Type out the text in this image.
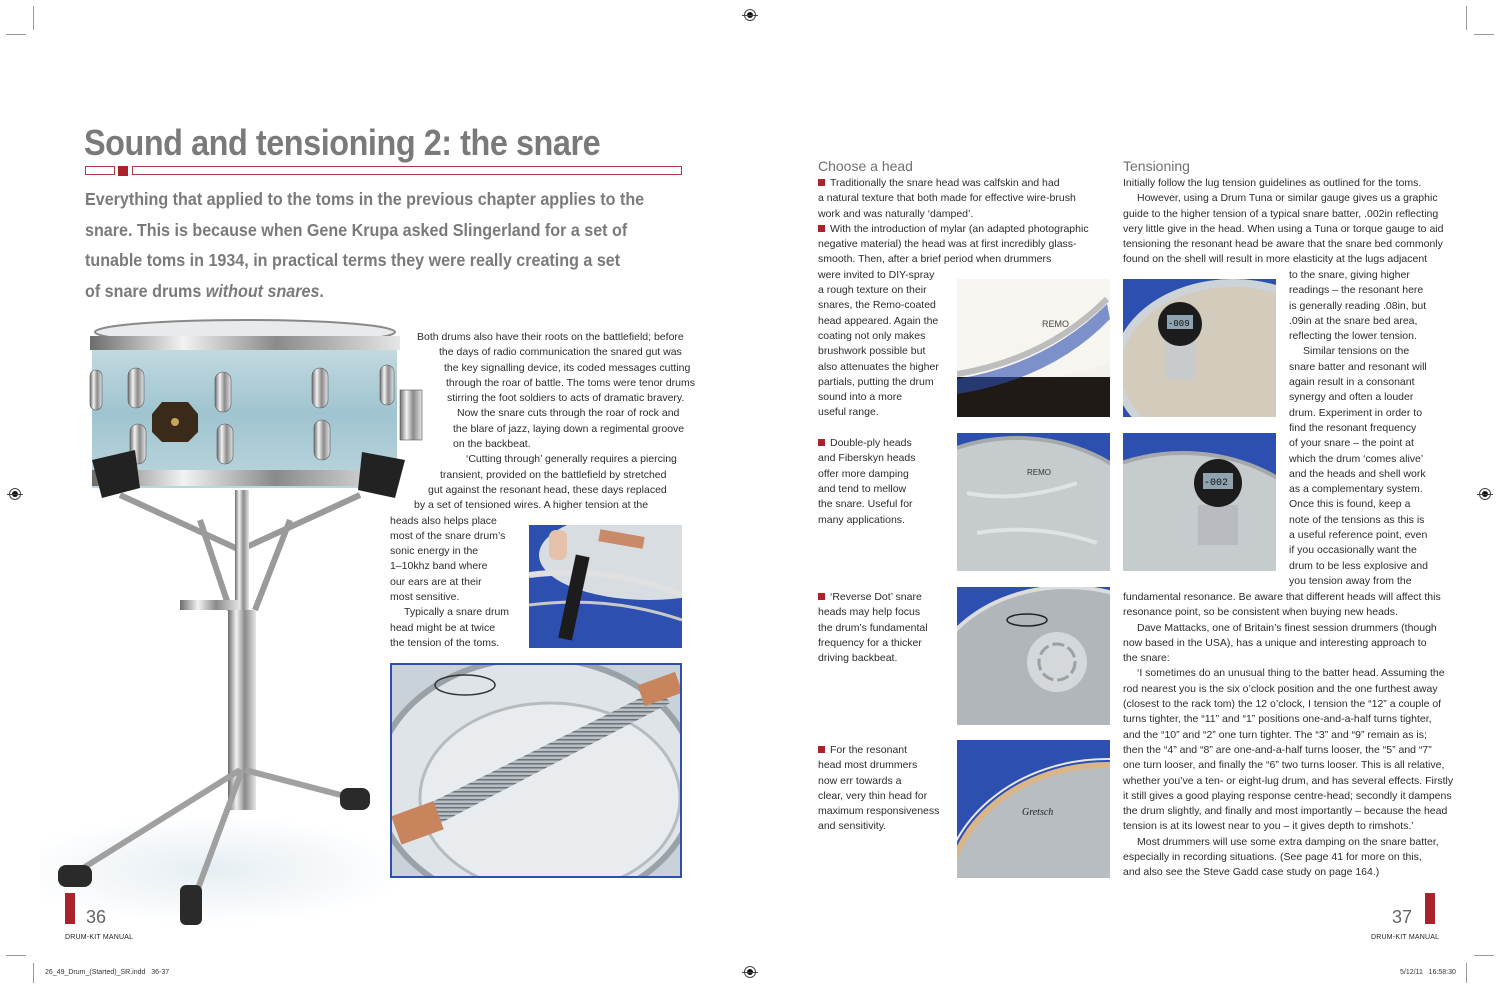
Sound and tensioning 2: the snare

Everything that applied to the toms in the previous chapter applies to the

snare. This is because when Gene Krupa asked Slingerland for a set of

tunable toms in 1934, in practical terms they were really creating a set

of snare drums without snares.

Both drums also have their roots on the battlefield; before

the days of radio communication the snared gut was

the key signalling device, its coded messages cutting

through the roar of battle. The toms were tenor drums

stirring the foot soldiers to acts of dramatic bravery.

Now the snare cuts through the roar of rock and

the blare of jazz, laying down a regimental groove

on the backbeat.

‘Cutting through’ generally requires a piercing

transient, provided on the battlefield by stretched

gut against the resonant head, these days replaced

by a set of tensioned wires. A higher tension at the

heads also helps place

most of the snare drum’s

sonic energy in the

1–10khz band where

our ears are at their

most sensitive.

Typically a snare drum

head might be at twice

the tension of the toms.

36
DRUM-KIT MANUAL
26_49_Drum_(Started)_SR.indd   36-37
Choose a head

Traditionally the snare head was calfskin and had

a natural texture that both made for effective wire-brush

work and was naturally ‘damped’.

With the introduction of mylar (an adapted photographic

negative material) the head was at first incredibly glass-

smooth. Then, after a brief period when drummers

were invited to DIY-spray

a rough texture on their

snares, the Remo-coated

head appeared. Again the

coating not only makes

brushwork possible but

also attenuates the higher

partials, putting the drum

sound into a more

useful range.

Double-ply heads

and Fiberskyn heads

offer more damping

and tend to mellow

the snare. Useful for

many applications.

‘Reverse Dot’ snare

heads may help focus

the drum’s fundamental

frequency for a thicker

driving backbeat.

For the resonant

head most drummers

now err towards a

clear, very thin head for

maximum responsiveness

and sensitivity.

REMO	-009
REMO
-002
Gretsch
Tensioning

Initially follow the lug tension guidelines as outlined for the toms.

However, using a Drum Tuna or similar gauge gives us a graphic

guide to the higher tension of a typical snare batter, .002in reflecting

very little give in the head. When using a Tuna or torque gauge to aid

tensioning the resonant head be aware that the snare bed commonly

found on the shell will result in more elasticity at the lugs adjacent

to the snare, giving higher

readings – the resonant here

is generally reading .08in, but

.09in at the snare bed area,

reflecting the lower tension.

Similar tensions on the

snare batter and resonant will

again result in a consonant

synergy and often a louder

drum. Experiment in order to

find the resonant frequency

of your snare – the point at

which the drum ‘comes alive’

and the heads and shell work

as a complementary system.

Once this is found, keep a

note of the tensions as this is

a useful reference point, even

if you occasionally want the

drum to be less explosive and

you tension away from the

fundamental resonance. Be aware that different heads will affect this

resonance point, so be consistent when buying new heads.

Dave Mattacks, one of Britain’s finest session drummers (though

now based in the USA), has a unique and interesting approach to

the snare:

‘I sometimes do an unusual thing to the batter head. Assuming the

rod nearest you is the six o’clock position and the one furthest away

(closest to the rack tom) the 12 o’clock, I tension the “12” a couple of

turns tighter, the “11” and “1” positions one-and-a-half turns tighter,

and the “10” and “2” one turn tighter. The “3” and “9” remain as is;

then the “4” and “8” are one-and-a-half turns looser, the “5” and “7”

one turn looser, and finally the “6” two turns looser. This is all relative,

whether you’ve a ten- or eight-lug drum, and has several effects. Firstly

it still gives a good playing response centre-head; secondly it dampens

the drum slightly, and finally and most importantly – because the head

tension is at its lowest near to you – it gives depth to rimshots.’

Most drummers will use some extra damping on the snare batter,

especially in recording situations. (See page 41 for more on this,

and also see the Steve Gadd case study on page 164.)

37
DRUM-KIT MANUAL
5/12/11   16:58:30
